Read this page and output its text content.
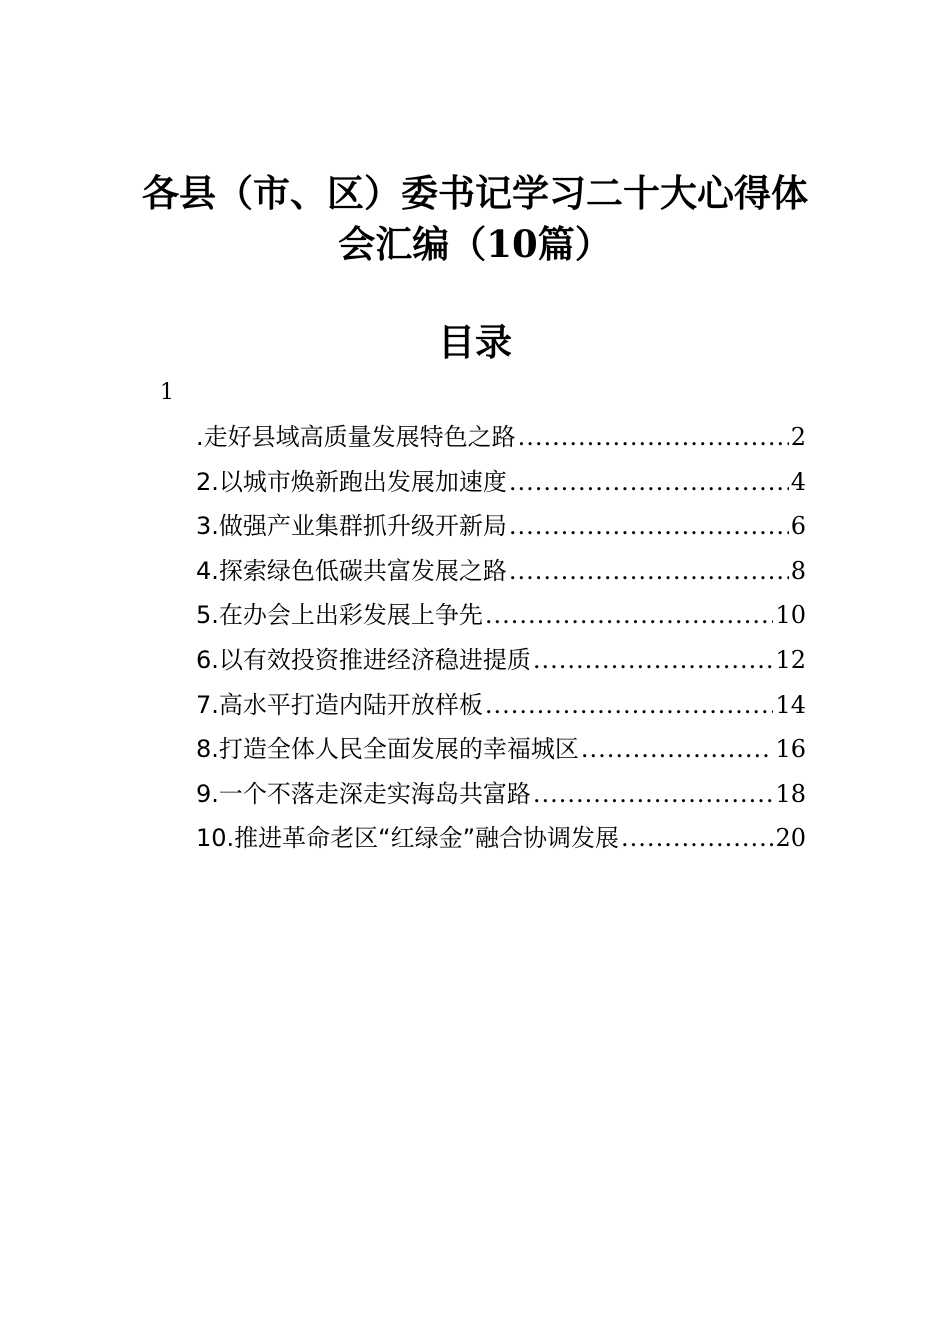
各县（市、区）委书记学习二十大心得体
会汇编（10篇）
目录
1
.走好县域高质量发展特色之路 .....	2
2.以城市焕新跑出发展加速度 .....	4
3.做强产业集群抓升级开新局 .....	6
4.探索绿色低碳共富发展之路 .....	8
5.在办会上出彩发展上争先 .....	10
6.以有效投资推进经济稳进提质 .....	12
7.高水平打造内陆开放样板 .....	14
8.打造全体人民全面发展的幸福城区 .....	16
9.一个不落走深走实海岛共富路 .....	18
10.推进革命老区“红绿金”融合协调发展 .....	20
